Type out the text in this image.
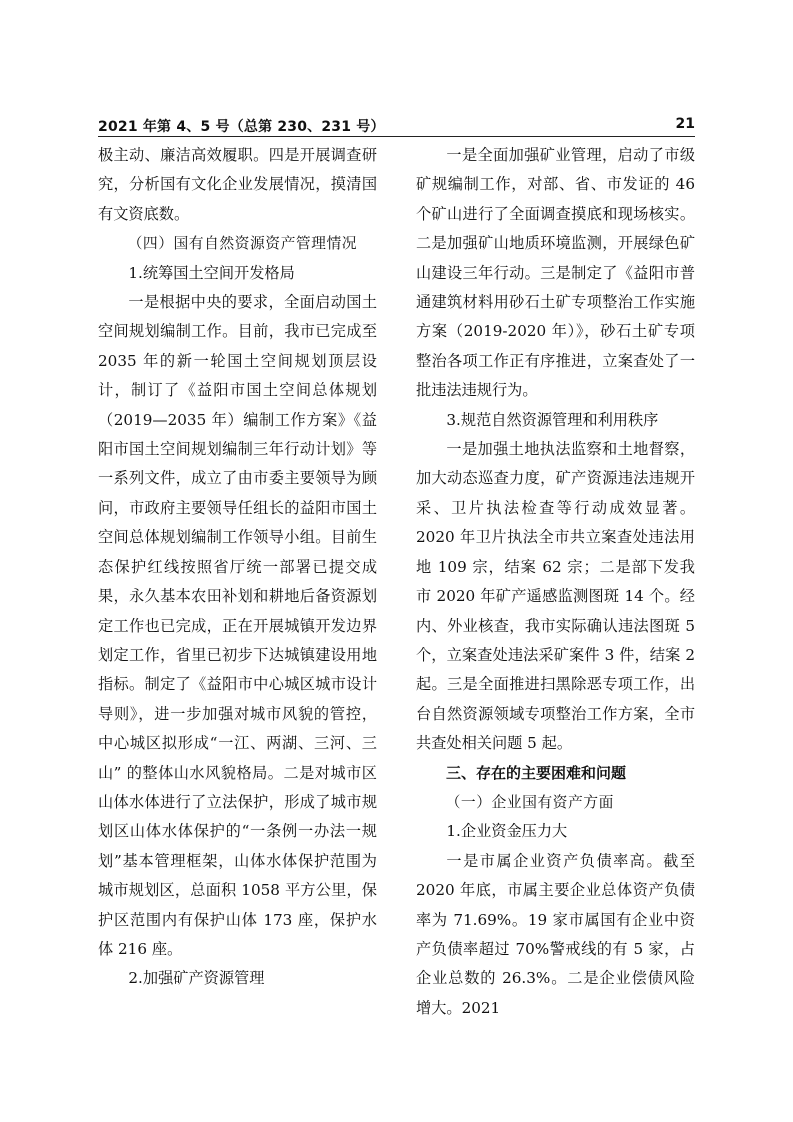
2021 年第 4、5 号（总第 230、231 号）	21

极主动、廉洁高效履职。四是开展调查研究，分析国有文化企业发展情况，摸清国有文资底数。

（四）国有自然资源资产管理情况

1.统筹国土空间开发格局

一是根据中央的要求，全面启动国土空间规划编制工作。目前，我市已完成至 2035 年的新一轮国土空间规划顶层设计，制订了《益阳市国土空间总体规划（2019—2035 年）编制工作方案》《益阳市国土空间规划编制三年行动计划》等一系列文件，成立了由市委主要领导为顾问，市政府主要领导任组长的益阳市国土空间总体规划编制工作领导小组。目前生态保护红线按照省厅统一部署已提交成果，永久基本农田补划和耕地后备资源划定工作也已完成，正在开展城镇开发边界划定工作，省里已初步下达城镇建设用地指标。制定了《益阳市中心城区城市设计导则》，进一步加强对城市风貌的管控，中心城区拟形成“一江、两湖、三河、三山” 的整体山水风貌格局。二是对城市区山体水体进行了立法保护，形成了城市规划区山体水体保护的“一条例一办法一规划”基本管理框架，山体水体保护范围为城市规划区，总面积 1058 平方公里，保护区范围内有保护山体 173 座，保护水体 216 座。

2.加强矿产资源管理

一是全面加强矿业管理，启动了市级矿规编制工作，对部、省、市发证的 46 个矿山进行了全面调查摸底和现场核实。二是加强矿山地质环境监测，开展绿色矿山建设三年行动。三是制定了《益阳市普通建筑材料用砂石土矿专项整治工作实施方案（2019-2020 年）》，砂石土矿专项整治各项工作正有序推进，立案查处了一批违法违规行为。

3.规范自然资源管理和利用秩序

一是加强土地执法监察和土地督察，加大动态巡查力度，矿产资源违法违规开采、卫片执法检查等行动成效显著。2020 年卫片执法全市共立案查处违法用地 109 宗，结案 62 宗；二是部下发我市 2020 年矿产遥感监测图斑 14 个。经内、外业核查，我市实际确认违法图斑 5 个，立案查处违法采矿案件 3 件，结案 2 起。三是全面推进扫黑除恶专项工作，出台自然资源领域专项整治工作方案，全市共查处相关问题 5 起。

三、存在的主要困难和问题

（一）企业国有资产方面

1.企业资金压力大

一是市属企业资产负债率高。截至 2020 年底，市属主要企业总体资产负债率为 71.69%。19 家市属国有企业中资产负债率超过 70%警戒线的有 5 家，占企业总数的 26.3%。二是企业偿债风险增大。2021
